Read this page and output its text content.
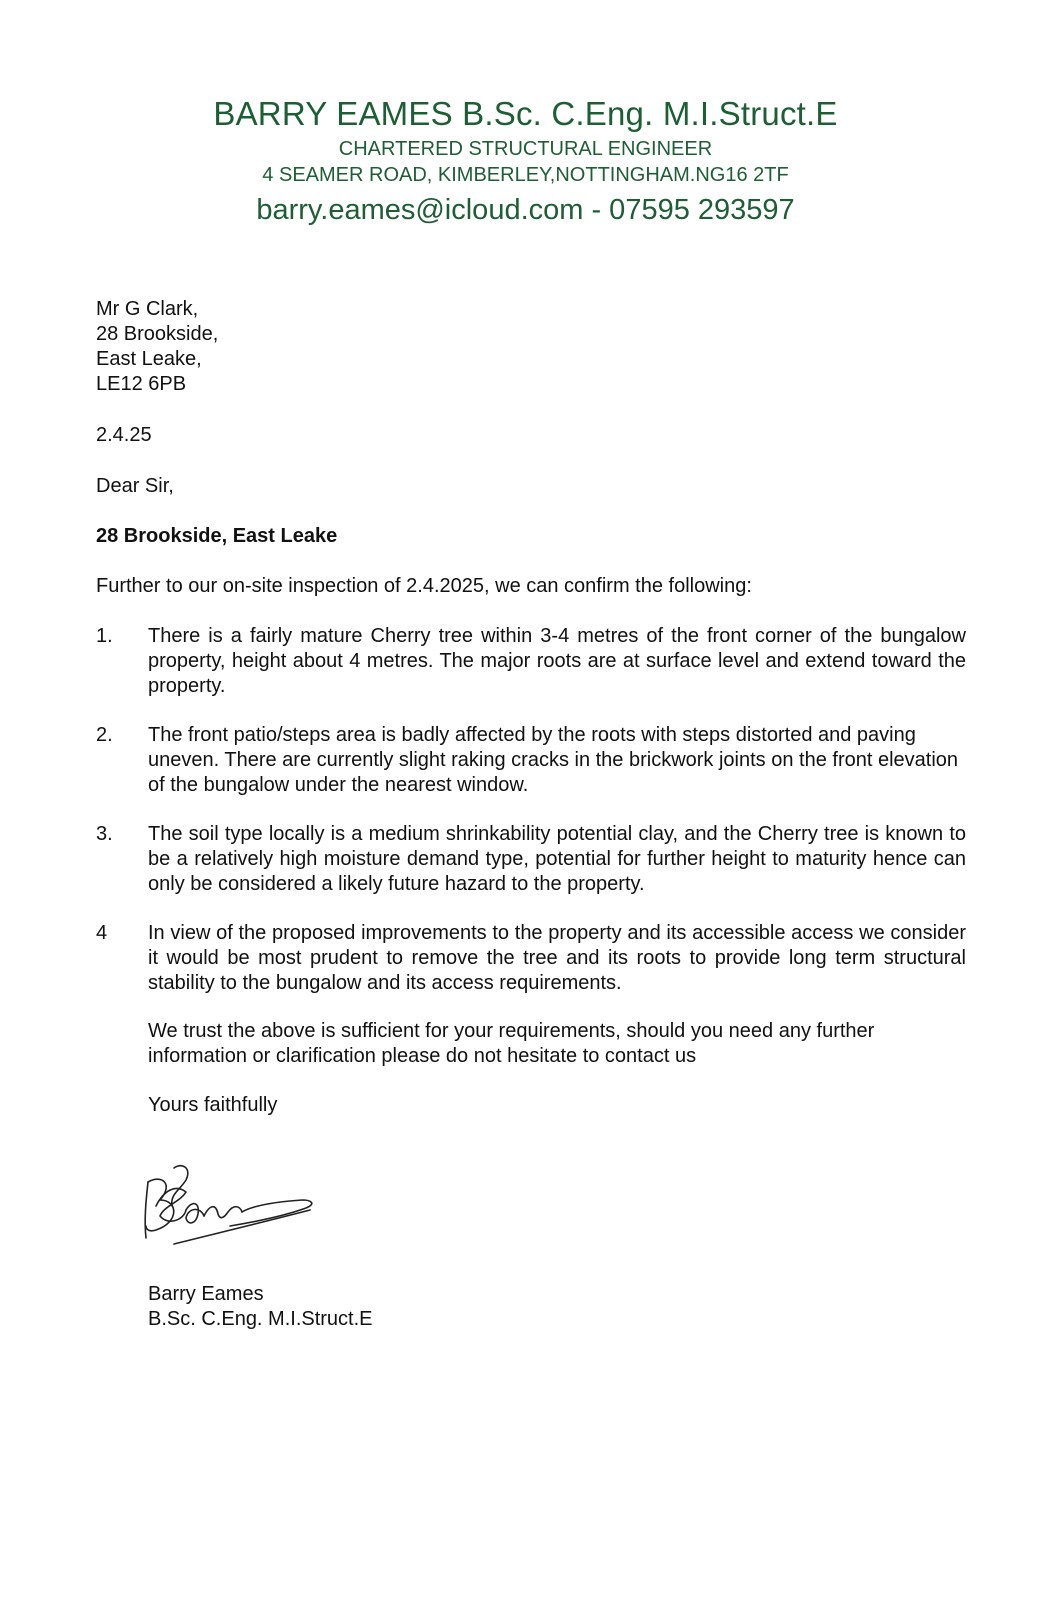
BARRY EAMES B.Sc. C.Eng. M.I.Struct.E
CHARTERED STRUCTURAL ENGINEER
4 SEAMER ROAD, KIMBERLEY,NOTTINGHAM.NG16 2TF
barry.eames@icloud.com - 07595 293597
Mr G Clark,
28 Brookside,
East Leake,
LE12 6PB
2.4.25
Dear Sir,
28 Brookside, East Leake
Further to our on-site inspection of 2.4.2025, we can confirm the following:
1. There is a fairly mature Cherry tree within 3-4 metres of the front corner of the bungalow property, height about 4 metres. The major roots are at surface level and extend toward the property.
2. The front patio/steps area is badly affected by the roots with steps distorted and paving uneven. There are currently slight raking cracks in the brickwork joints on the front elevation of the bungalow under the nearest window.
3. The soil type locally is a medium shrinkability potential clay, and the Cherry tree is known to be a relatively high moisture demand type, potential for further height to maturity hence can only be considered a likely future hazard to the property.
4 In view of the proposed improvements to the property and its accessible access we consider it would be most prudent to remove the tree and its roots to provide long term structural stability to the bungalow and its access requirements.
We trust the above is sufficient for your requirements, should you need any further information or clarification please do not hesitate to contact us
Yours faithfully
Barry Eames
B.Sc. C.Eng. M.I.Struct.E
